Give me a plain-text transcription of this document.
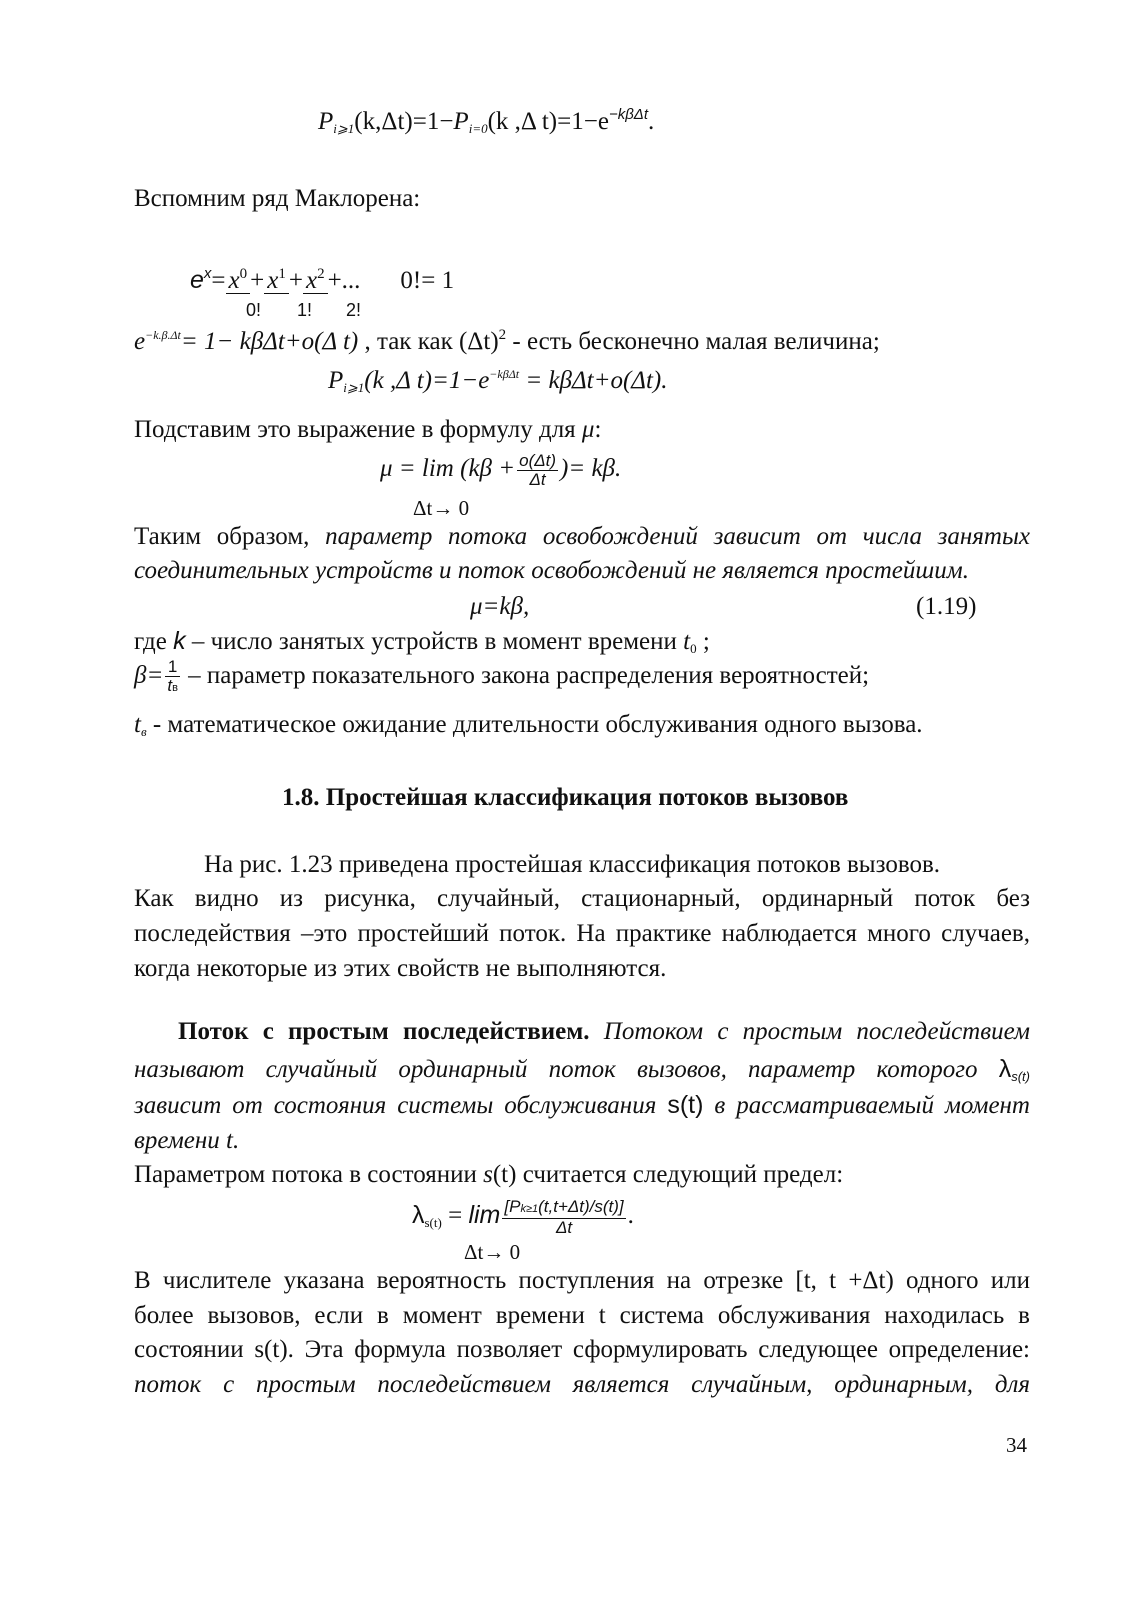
$P_{i⩾1}(k,\Delta t)=1-P_{i=0}(k$ ,Δ $t)=1-e^{-k\beta\Delta t}$.
Вспомним ряд Маклорена:
$e^x= x^0 + x^1 + x^2$ +... 0!= 1
0! 1! 2!
$e^{-k.\beta.\Delta t}= 1- k\beta\Delta t+o(\Delta$ t) , так как $(\Delta t)^2$ - есть бесконечно малая величина;
$P_{i⩾1}(k$ ,Δ $t)=1-e^{-k\beta\Delta t} = k\beta\Delta t+o(\Delta t)$.
Подставим это выражение в формулу для μ:
$\mu = \lim (k\beta + \frac{o(\Delta t)}{\Delta t}$ )= kβ.
Δt→ 0
Таким образом, параметр потока освобождений зависит от числа занятых
соединительных устройств и поток освобождений не является простейшим.
μ=kβ,	(1.19)
где k – число занятых устройств в момент времени $t_0$ ;
$\beta= \frac{1}{tв}$ – параметр показательного закона распределения вероятностей;
$t_в$ - математическое ожидание длительности обслуживания одного вызова.
1.8. Простейшая классификация потоков вызовов
На рис. 1.23 приведена простейшая классификация потоков вызовов.
Как видно из рисунка, случайный, стационарный, ординарный поток без
последействия –это простейший поток. На практике наблюдается много случаев,
когда некоторые из этих свойств не выполняются.
Поток с простым последействием. Потоком с простым последействием
называют случайный ординарный поток вызовов, параметр которого $\lambda_{s(t)}$
зависит от состояния системы обслуживания s(t) в рассматриваемый момент
времени t.
Параметром потока в состоянии s(t) считается следующий предел:
$\lambda_{s(t)} = \lim \frac{[Pk\ge 1(t,t+\Delta t)/s(t)]}{\Delta t}$ .
Δt→ 0
В числителе указана вероятность поступления на отрезке [t, t +Δt) одного или
более вызовов, если в момент времени t система обслуживания находилась в
состоянии s(t). Эта формула позволяет сформулировать следующее определение:
поток с простым последействием является случайным, ординарным, для
34
